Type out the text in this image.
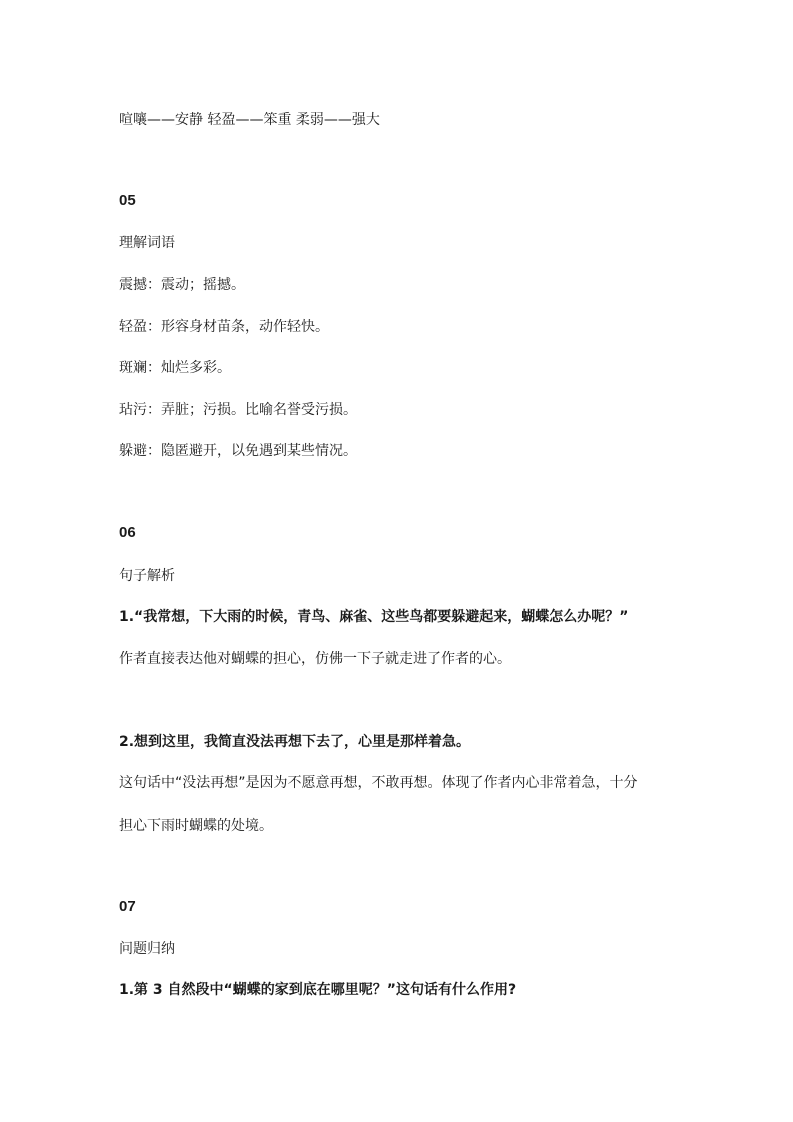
喧嚷——安静 轻盈——笨重 柔弱——强大
05
理解词语
震撼：震动；摇撼。
轻盈：形容身材苗条，动作轻快。
斑斓：灿烂多彩。
玷污：弄脏；污损。比喻名誉受污损。
躲避：隐匿避开，以免遇到某些情况。
06
句子解析
1.“我常想，下大雨的时候，青鸟、麻雀、这些鸟都要躲避起来，蝴蝶怎么办呢？”
作者直接表达他对蝴蝶的担心，仿佛一下子就走进了作者的心。
2.想到这里，我简直没法再想下去了，心里是那样着急。
这句话中“没法再想”是因为不愿意再想，不敢再想。体现了作者内心非常着急，十分
担心下雨时蝴蝶的处境。
07
问题归纳
1.第 3 自然段中“蝴蝶的家到底在哪里呢？”这句话有什么作用?
